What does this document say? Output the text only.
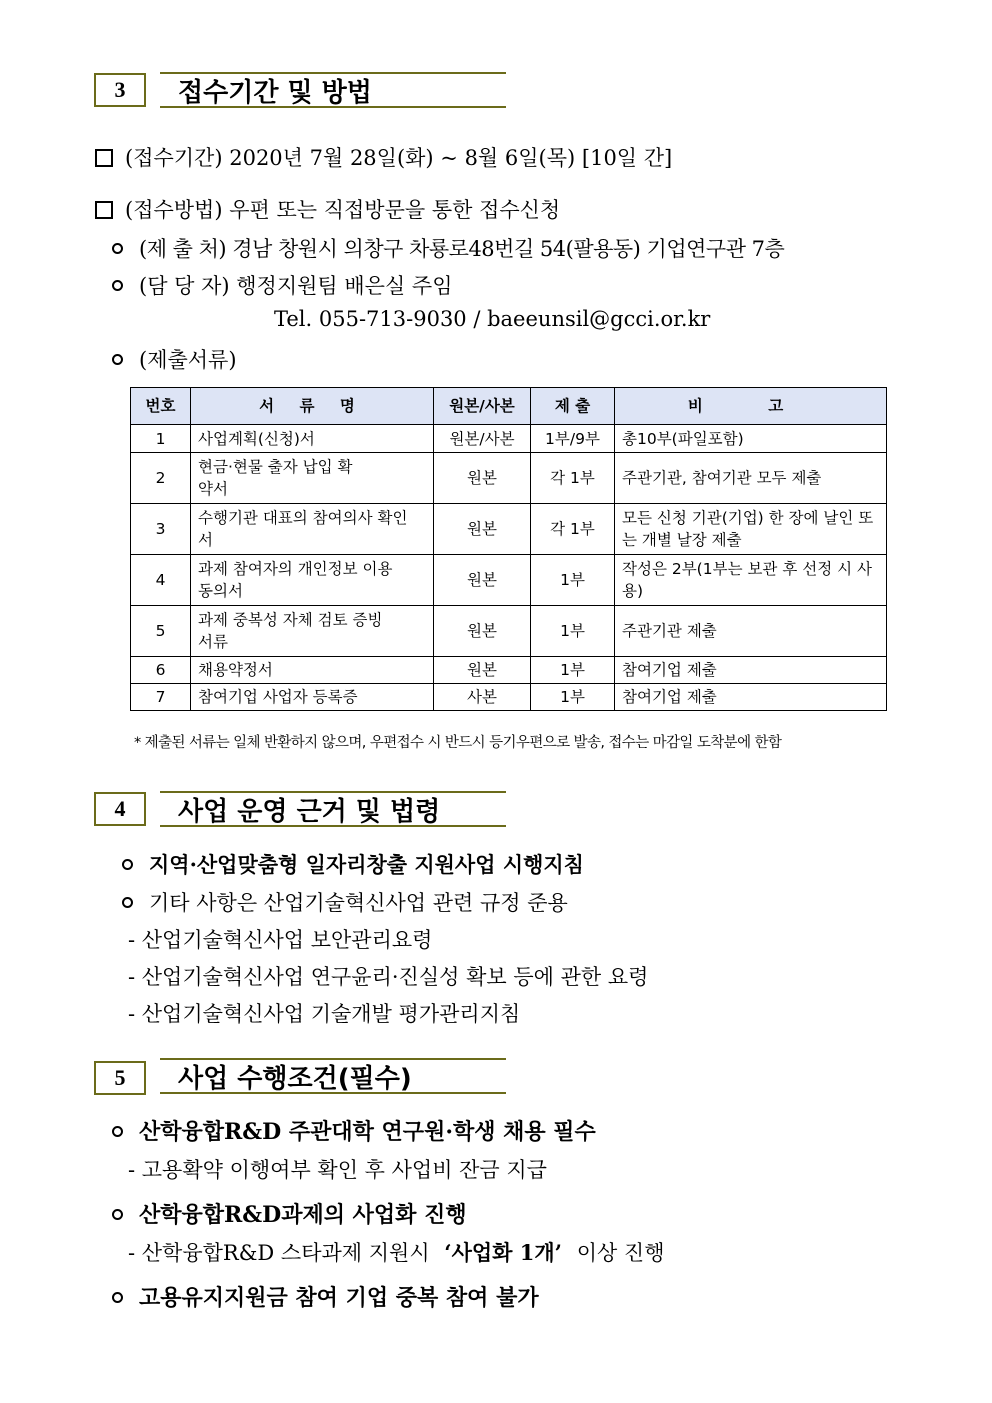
3	접수기간 및 방법
(접수기간) 2020년 7월 28일(화) ~ 8월 6일(목) [10일 간]
(접수방법) 우편 또는 직접방문을 통한 접수신청
(제 출 처) 경남 창원시 의창구 차룡로48번길 54(팔용동) 기업연구관 7층
(담 당 자) 행정지원팀 배은실 주임
Tel. 055-713-9030 / baeeunsil@gcci.or.kr
(제출서류)
번호	서 류 명	원본/사본	제 출	비 고
1	사업계획(신청)서	원본/사본	1부/9부	총10부(파일포함)
2	현금·현물 출자 납입 확약서	원본	각 1부	주관기관, 참여기관 모두 제출
3	수행기관 대표의 참여의사 확인서	원본	각 1부	모든 신청 기관(기업) 한 장에 날인 또는 개별 날장 제출
4	과제 참여자의 개인정보 이용 동의서	원본	1부	작성은 2부(1부는 보관 후 선정 시 사용)
5	과제 중복성 자체 검토 증빙 서류	원본	1부	주관기관 제출
6	채용약정서	원본	1부	참여기업 제출
7	참여기업 사업자 등록증	사본	1부	참여기업 제출
* 제출된 서류는 일체 반환하지 않으며, 우편접수 시 반드시 등기우편으로 발송, 접수는 마감일 도착분에 한함
4	사업 운영 근거 및 법령
지역·산업맞춤형 일자리창출 지원사업 시행지침
기타 사항은 산업기술혁신사업 관련 규정 준용
- 산업기술혁신사업 보안관리요령
- 산업기술혁신사업 연구윤리·진실성 확보 등에 관한 요령
- 산업기술혁신사업 기술개발 평가관리지침
5	사업 수행조건(필수)
산학융합R&D 주관대학 연구원·학생 채용 필수
- 고용확약 이행여부 확인 후 사업비 잔금 지급
산학융합R&D과제의 사업화 진행
- 산학융합R&D 스타과제 지원시 ‘사업화 1개’ 이상 진행
고용유지지원금 참여 기업 중복 참여 불가
